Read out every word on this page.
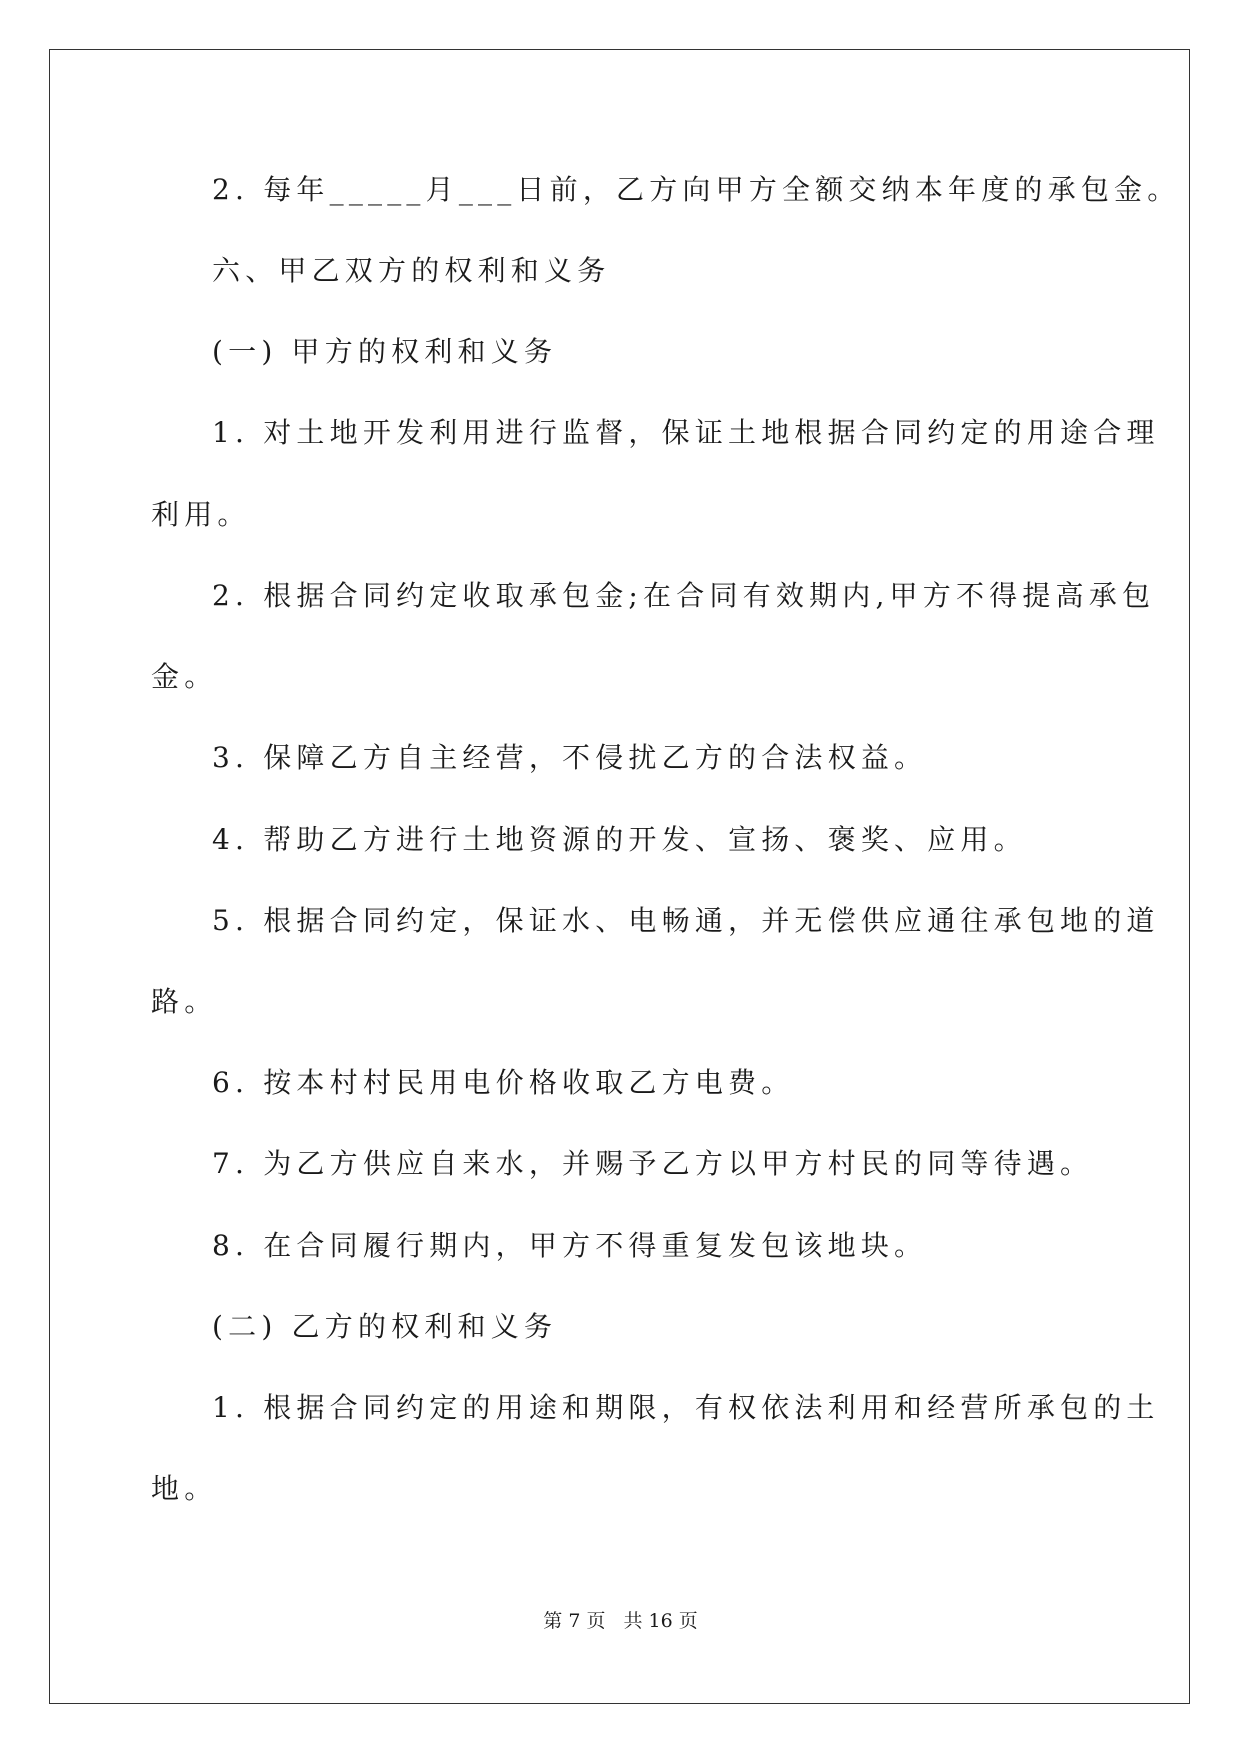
2. 每年_____月___日前，乙方向甲方全额交纳本年度的承包金。
六、甲乙双方的权利和义务
(一) 甲方的权利和义务
1. 对土地开发利用进行监督，保证土地根据合同约定的用途合理
利用。
2. 根据合同约定收取承包金;在合同有效期内,甲方不得提高承包
金。
3. 保障乙方自主经营，不侵扰乙方的合法权益。
4. 帮助乙方进行土地资源的开发、宣扬、褒奖、应用。
5. 根据合同约定，保证水、电畅通，并无偿供应通往承包地的道
路。
6. 按本村村民用电价格收取乙方电费。
7. 为乙方供应自来水，并赐予乙方以甲方村民的同等待遇。
8. 在合同履行期内，甲方不得重复发包该地块。
(二) 乙方的权利和义务
1. 根据合同约定的用途和期限，有权依法利用和经营所承包的土
地。
第 7 页 共 16 页
